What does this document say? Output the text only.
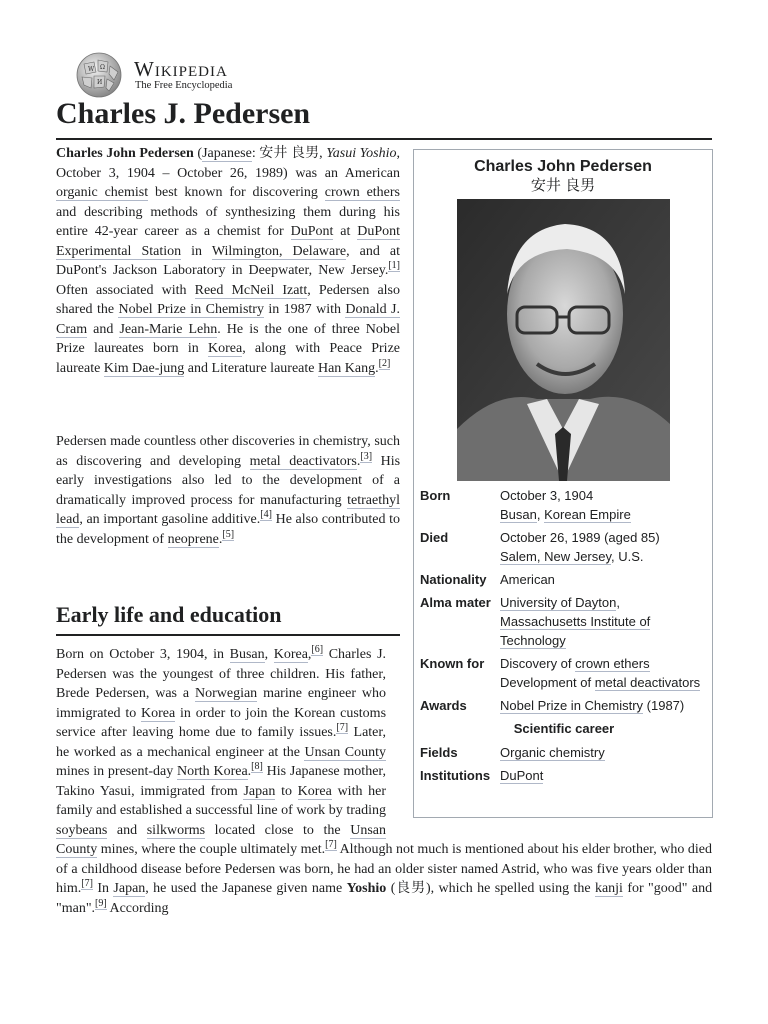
W Ω
И
Wikipedia
The Free Encyclopedia
Charles J. Pedersen

Charles John Pedersen (Japanese: 安井 良男, Yasui Yoshio, October 3, 1904 – October 26, 1989) was an American organic chemist best known for discovering crown ethers and describing methods of synthesizing them during his entire 42-year career as a chemist for DuPont at DuPont Experimental Station in Wilmington, Delaware, and at DuPont's Jackson Laboratory in Deepwater, New Jersey.[1] Often associated with Reed McNeil Izatt, Pedersen also shared the Nobel Prize in Chemistry in 1987 with Donald J. Cram and Jean-Marie Lehn. He is the one of three Nobel Prize laureates born in Korea, along with Peace Prize laureate Kim Dae-jung and Literature laureate Han Kang.[2]

Pedersen made countless other discoveries in chemistry, such as discovering and developing metal deactivators.[3] His early investigations also led to the development of a dramatically improved process for manufacturing tetraethyl lead, an important gasoline additive.[4] He also contributed to the development of neoprene.[5]

Early life and education

Born on October 3, 1904, in Busan, Korea,[6] Charles J. Pedersen was the youngest of three children. His father, Brede Pedersen, was a Norwegian marine engineer who immigrated to Korea in order to join the Korean customs service after leaving home due to family issues.[7] Later, he worked as a mechanical engineer at the Unsan County mines in present-day North Korea.[8] His Japanese mother, Takino Yasui, immigrated from Japan to Korea with her family and established a successful line of work by trading soybeans and silkworms located close to the Unsan County mines, where the couple ultimately met.[7] Although not much is mentioned about his elder brother, who died of a childhood disease before Pedersen was born, he had an older sister named Astrid, who was five years older than him.[7] In Japan, he used the Japanese given name Yoshio (良男), which he spelled using the kanji for "good" and "man".[9] According

Charles John Pedersen
安井 良男
Born	October 3, 1904
Busan, Korean Empire
Died	October 26, 1989 (aged 85)
Salem, New Jersey, U.S.
Nationality	American
Alma mater University of Dayton,
Massachusetts Institute of Technology
Known for	Discovery of crown ethers
Development of metal deactivators
Awards	Nobel Prize in Chemistry (1987)
Scientific career
Fields	Organic chemistry
Institutions DuPont
